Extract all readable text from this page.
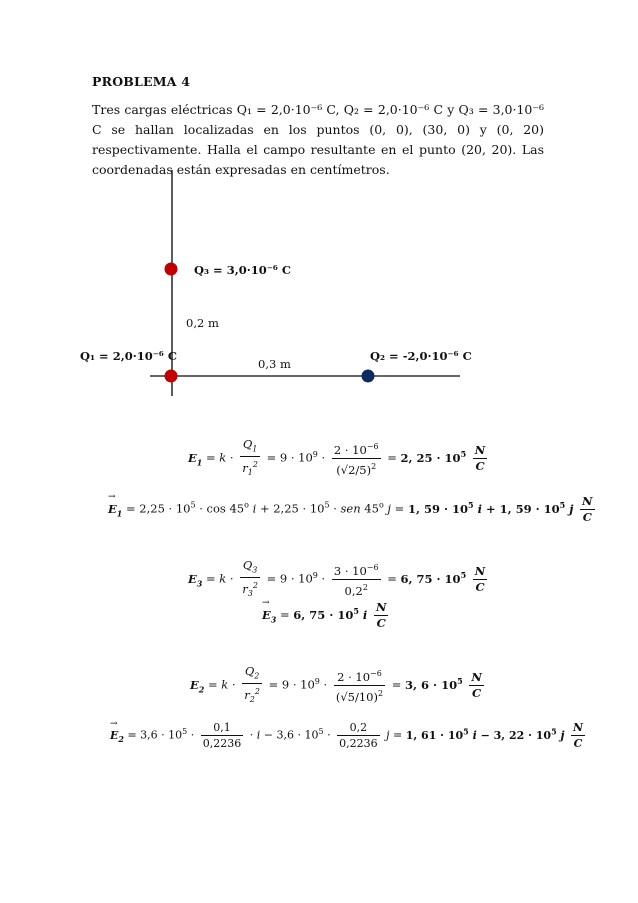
PROBLEMA 4
Tres cargas eléctricas Q₁ = 2,0·10⁻⁶ C, Q₂ = 2,0·10⁻⁶ C y Q₃ = 3,0·10⁻⁶ C se hallan localizadas en los puntos (0, 0), (30, 0) y (0, 20) respectivamente. Halla el campo resultante en el punto (20, 20). Las coordenadas están expresadas en centímetros.
Q₃ = 3,0·10⁻⁶ C
0,2 m
Q₁ = 2,0·10⁻⁶ C
0,3 m
Q₂ = -2,0·10⁻⁶ C
$E_1 = k \cdot \frac{Q_1}{r_1^2} = 9 \cdot 10^9 \cdot \frac{2 \cdot 10^{-6}}{(√2/5)^2} = 2$, $25 \cdot 10^5 \frac{N}{C}$
→ $E_1 = 2,25 \cdot 10^5 \cdot \cos 45^o$ $i + 2,25 \cdot 10^5$ · sen 45$^o$ j = 1, $59 \cdot 10^5$ i + 1, $59 \cdot 10^5$ j $\frac{N}{C}$
$E_3 = k \cdot \frac{Q_3}{r_3^2} = 9 \cdot 10^9 \cdot \frac{3 \cdot 10^{-6}}{0,2^2} = 6$, $75 \cdot 10^5 \frac{N}{C}$
→ $E_3 = 6$, $75 \cdot 10^5$ i $\frac{N}{C}$
$E_2 = k \cdot \frac{Q_2}{r_2^2} = 9 \cdot 10^9 \cdot \frac{2 \cdot 10^{-6}}{(√5/10)^2} = 3$, $6 \cdot 10^5 \frac{N}{C}$
→ $E_2 = 3,6 \cdot 10^5 \cdot \frac{0,1}{0,2236} \cdot i - 3,6 \cdot 10^5 \cdot \frac{0,2}{0,2236}$ j = 1, $61 \cdot 10^5$ i − 3, $22 \cdot 10^5$ j $\frac{N}{C}$
E₁ = k · Q₁ / r₁² = 9 · 10⁹ · 2 · 10⁻⁶ / (√2/5)² = 2,25 · 10⁵ N/C E₁ = 2,25 · 10⁵ · cos 45º i + 2,25 · 10⁵ · sen 45º j = 1,59 · 10⁵ i + 1,59 · 10⁵ j N/C E₃ = k · Q₃ / r₃² = 9 · 10⁹ · 3 · 10⁻⁶ / 0,2² = 6,75 · 10⁵ N/C E₃ = 6,75 · 10⁵ i N/C E₂ = k · Q₂ / r₂² = 9 · 10⁹ · 2 · 10⁻⁶ / (√5/10)² = 3,6 · 10⁵ N/C E₂ = 3,6 · 10⁵ · 0,1/0,2236 · i − 3,6 · 10⁵ · 0,2/0,2236 j = 1,61 · 10⁵ i − 3,22 · 10⁵ j N/C
